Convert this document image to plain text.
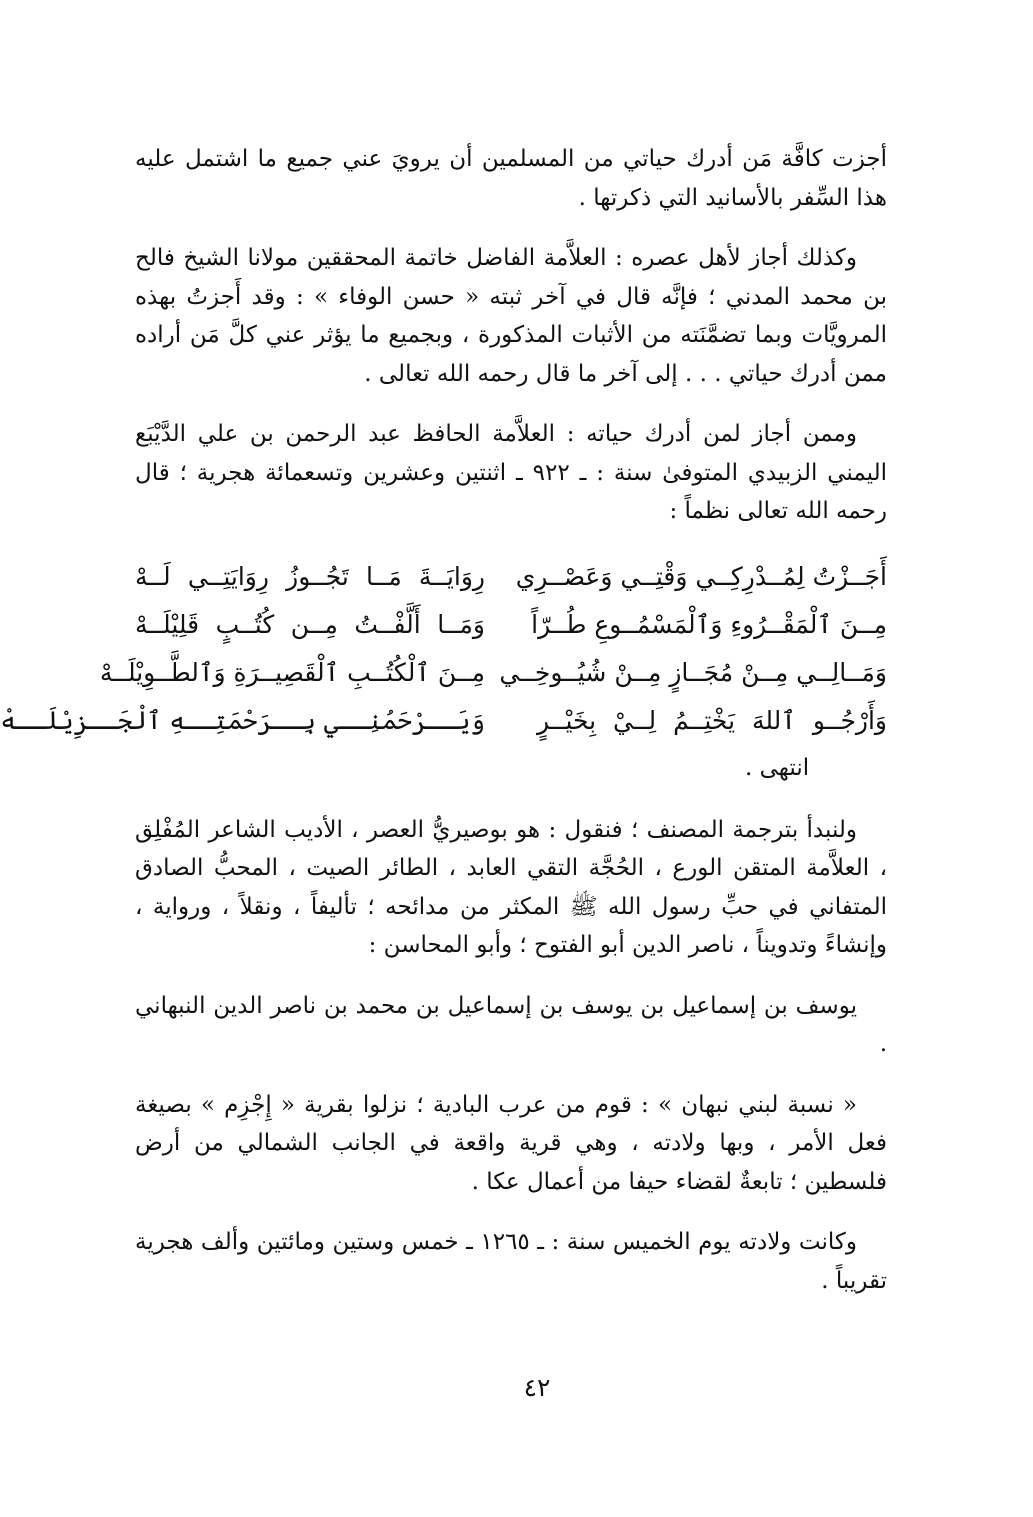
أجزت كافَّة مَن أدرك حياتي من المسلمين أن يرويَ عني جميع ما اشتمل عليه هذا السِّفر بالأسانيد التي ذكرتها .

وكذلك أجاز لأهل عصره : العلاَّمة الفاضل خاتمة المحققين مولانا الشيخ فالح بن محمد المدني ؛ فإنَّه قال في آخر ثبته « حسن الوفاء » : وقد أَجزتُ بهذه المرويَّات وبما تضمَّنَته من الأثبات المذكورة ، وبجميع ما يؤثر عني كلَّ مَن أراده ممن أدرك حياتي . . . إلى آخر ما قال رحمه الله تعالى .

وممن أجاز لمن أدرك حياته : العلاَّمة الحافظ عبد الرحمن بن علي الدَّيْبَع اليمني الزبيدي المتوفىٰ سنة : ـ ٩٢٢ ـ اثنتين وعشرين وتسعمائة هجرية ؛ قال رحمه الله تعالى نظماً :

أَجَــزْتُ لِمُــدْرِكِــي وَقْتِــي وَعَصْــرِي
رِوَايَــةَ مَــا تَجُــوزُ رِوَايَتِــي لَــهْ
مِــنَ ٱلْمَقْــرُوءِ وَٱلْمَسْمُــوعِ طُــرّاً
وَمَــا أَلَّفْــتُ مِــن كُتُــبٍ قَلِيْلَــهْ
وَمَــالِــي مِــنْ مُجَــازٍ مِــنْ شُيُــوخِــي
مِــنَ ٱلْكُتُــبِ ٱلْقَصِيــرَةِ وَٱلطَّــوِيْلَــهْ
وَأَرْجُــو ٱللهَ يَخْتِــمُ لِــيْ بِخَيْــرٍ
وَيَــرْحَمُنِــي بِــرَحْمَتِــهِ ٱلْجَــزِيْلَــهْ
انتهى .

ولنبدأ بترجمة المصنف ؛ فنقول : هو بوصيريُّ العصر ، الأديب الشاعر المُفْلِق ، العلاَّمة المتقن الورع ، الحُجَّة التقي العابد ، الطائر الصيت ، المحبُّ الصادق المتفاني في حبِّ رسول الله ﷺ المكثر من مدائحه ؛ تأليفاً ، ونقلاً ، ورواية ، وإنشاءً وتدويناً ، ناصر الدين أبو الفتوح ؛ وأبو المحاسن :

يوسف بن إسماعيل بن يوسف بن إسماعيل بن محمد بن ناصر الدين النبهاني .

« نسبة لبني نبهان » : قوم من عرب البادية ؛ نزلوا بقرية « إِجْزِم » بصيغة فعل الأمر ، وبها ولادته ، وهي قرية واقعة في الجانب الشمالي من أرض فلسطين ؛ تابعةٌ لقضاء حيفا من أعمال عكا .

وكانت ولادته يوم الخميس سنة : ـ ١٢٦٥ ـ خمس وستين ومائتين وألف هجرية تقريباً .

٤٢
